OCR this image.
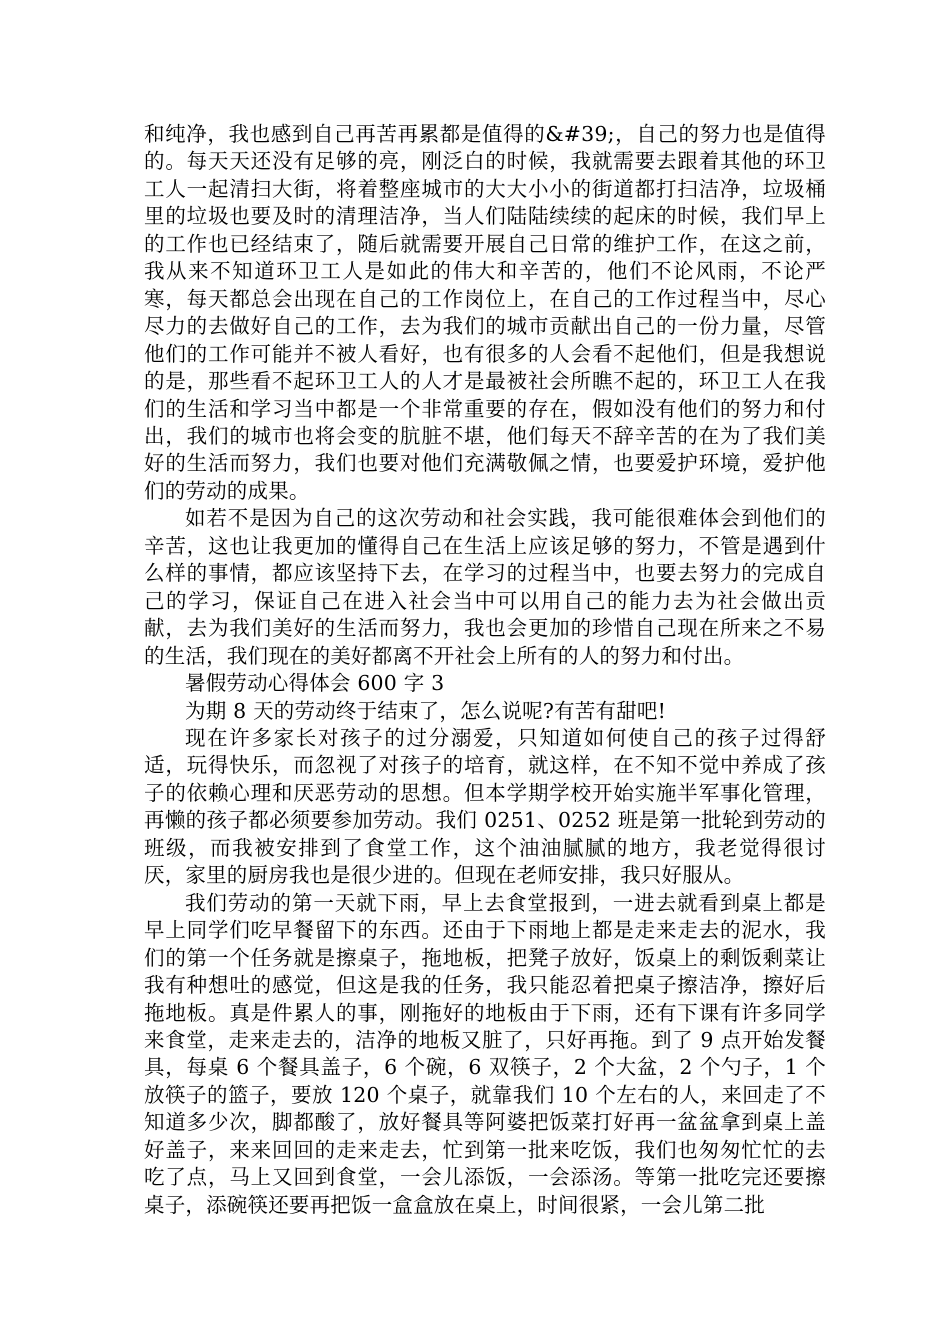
和纯净，我也感到自己再苦再累都是值得的&#39;，自己的努力也是值得的。每天天还没有足够的亮，刚泛白的时候，我就需要去跟着其他的环卫工人一起清扫大街，将着整座城市的大大小小的街道都打扫洁净，垃圾桶里的垃圾也要及时的清理洁净，当人们陆陆续续的起床的时候，我们早上的工作也已经结束了，随后就需要开展自己日常的维护工作，在这之前，我从来不知道环卫工人是如此的伟大和辛苦的，他们不论风雨，不论严寒，每天都总会出现在自己的工作岗位上，在自己的工作过程当中，尽心尽力的去做好自己的工作，去为我们的城市贡献出自己的一份力量，尽管他们的工作可能并不被人看好，也有很多的人会看不起他们，但是我想说的是，那些看不起环卫工人的人才是最被社会所瞧不起的，环卫工人在我们的生活和学习当中都是一个非常重要的存在，假如没有他们的努力和付出，我们的城市也将会变的肮脏不堪，他们每天不辞辛苦的在为了我们美好的生活而努力，我们也要对他们充满敬佩之情，也要爱护环境，爱护他们的劳动的成果。

如若不是因为自己的这次劳动和社会实践，我可能很难体会到他们的辛苦，这也让我更加的懂得自己在生活上应该足够的努力，不管是遇到什么样的事情，都应该坚持下去，在学习的过程当中，也要去努力的完成自己的学习，保证自己在进入社会当中可以用自己的能力去为社会做出贡献，去为我们美好的生活而努力，我也会更加的珍惜自己现在所来之不易的生活，我们现在的美好都离不开社会上所有的人的努力和付出。

暑假劳动心得体会 600 字 3

为期 8 天的劳动终于结束了，怎么说呢?有苦有甜吧!

现在许多家长对孩子的过分溺爱，只知道如何使自己的孩子过得舒适，玩得快乐，而忽视了对孩子的培育，就这样，在不知不觉中养成了孩子的依赖心理和厌恶劳动的思想。但本学期学校开始实施半军事化管理，再懒的孩子都必须要参加劳动。我们 0251、0252 班是第一批轮到劳动的班级，而我被安排到了食堂工作，这个油油腻腻的地方，我老觉得很讨厌，家里的厨房我也是很少进的。但现在老师安排，我只好服从。

我们劳动的第一天就下雨，早上去食堂报到，一进去就看到桌上都是早上同学们吃早餐留下的东西。还由于下雨地上都是走来走去的泥水，我们的第一个任务就是擦桌子，拖地板，把凳子放好，饭桌上的剩饭剩菜让我有种想吐的感觉，但这是我的任务，我只能忍着把桌子擦洁净，擦好后拖地板。真是件累人的事，刚拖好的地板由于下雨，还有下课有许多同学来食堂，走来走去的，洁净的地板又脏了，只好再拖。到了 9 点开始发餐具，每桌 6 个餐具盖子，6 个碗，6 双筷子，2 个大盆，2 个勺子，1 个放筷子的篮子，要放 120 个桌子，就靠我们 10 个左右的人，来回走了不知道多少次，脚都酸了，放好餐具等阿婆把饭菜打好再一盆盆拿到桌上盖好盖子，来来回回的走来走去，忙到第一批来吃饭，我们也匆匆忙忙的去吃了点，马上又回到食堂，一会儿添饭，一会添汤。等第一批吃完还要擦桌子，添碗筷还要再把饭一盒盒放在桌上，时间很紧，一会儿第二批
